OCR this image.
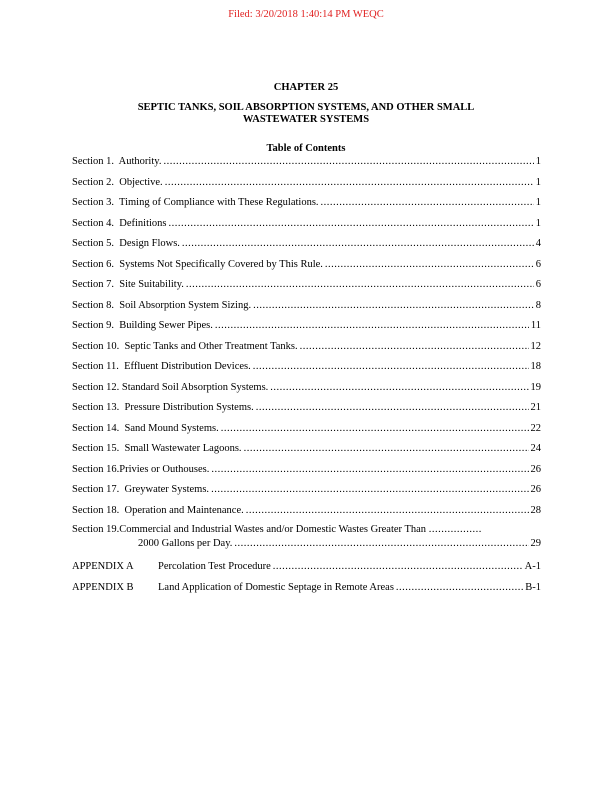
Filed: 3/20/2018 1:40:14 PM WEQC
CHAPTER 25
SEPTIC TANKS, SOIL ABSORPTION SYSTEMS, AND OTHER SMALL WASTEWATER SYSTEMS
Table of Contents
Section 1.  Authority. .....	1
Section 2.  Objective. .....	1
Section 3.  Timing of Compliance with These Regulations. .....	1
Section 4.  Definitions .....	1
Section 5.  Design Flows. .....	4
Section 6.  Systems Not Specifically Covered by This Rule. .....	6
Section 7.  Site Suitability. .....	6
Section 8.  Soil Absorption System Sizing. .....	8
Section 9.  Building Sewer Pipes. .....	11
Section 10.  Septic Tanks and Other Treatment Tanks. .....	12
Section 11.  Effluent Distribution Devices. .....	18
Section 12. Standard Soil Absorption Systems. .....	19
Section 13.  Pressure Distribution Systems. .....	21
Section 14.  Sand Mound Systems. .....	22
Section 15.  Small Wastewater Lagoons. .....	24
Section 16.Privies or Outhouses. .....	26
Section 17.  Greywater Systems. .....	26
Section 18.  Operation and Maintenance. .....	28
Section 19.Commercial and Industrial Wastes and/or Domestic Wastes Greater Than .................
2000 Gallons per Day. .....	29
APPENDIX A	Percolation Test Procedure .....	A-1
APPENDIX B	Land Application of Domestic Septage in Remote Areas .....	B-1
